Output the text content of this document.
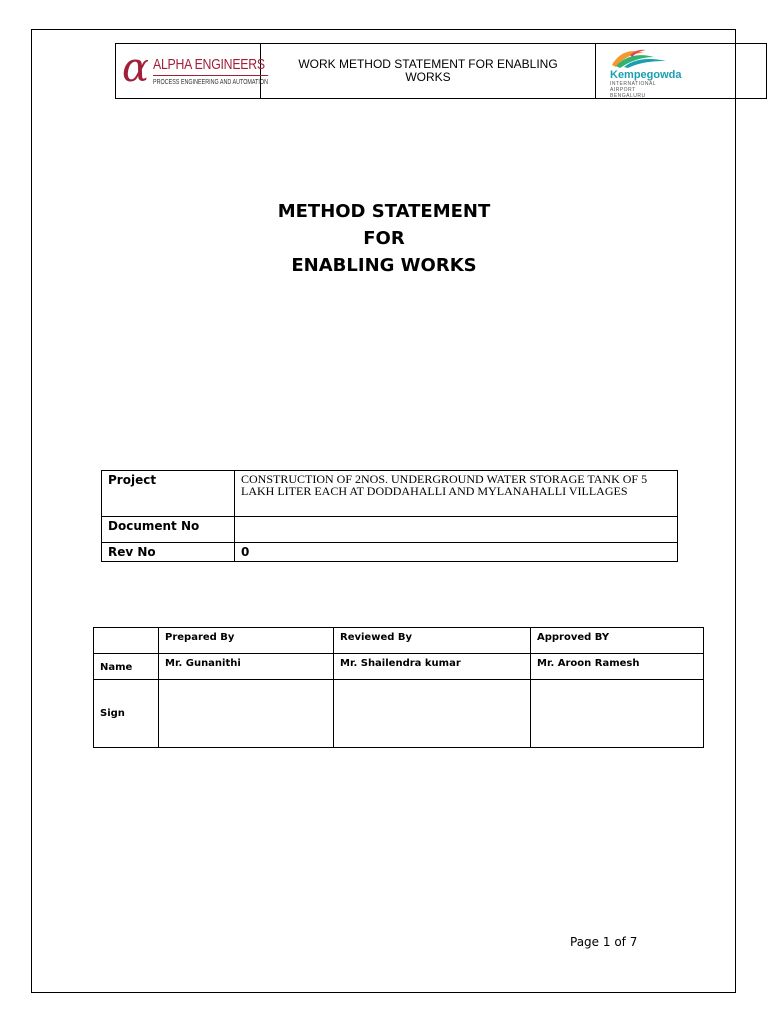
α ALPHA ENGINEERS
PROCESS ENGINEERING AND AUTOMATION
WORK METHOD STATEMENT FOR ENABLING WORKS	Kempegowda
INTERNATIONAL
AIRPORT
BENGALURU
METHOD STATEMENT
FOR
ENABLING WORKS
Project	CONSTRUCTION OF 2NOS. UNDERGROUND WATER STORAGE TANK OF 5 LAKH LITER EACH AT DODDAHALLI AND MYLANAHALLI VILLAGES
Document No	
Rev No	0
	Prepared By	Reviewed By	Approved BY
Name	Mr. Gunanithi	Mr. Shailendra kumar	Mr. Aroon Ramesh
Sign			
Page 1 of 7
